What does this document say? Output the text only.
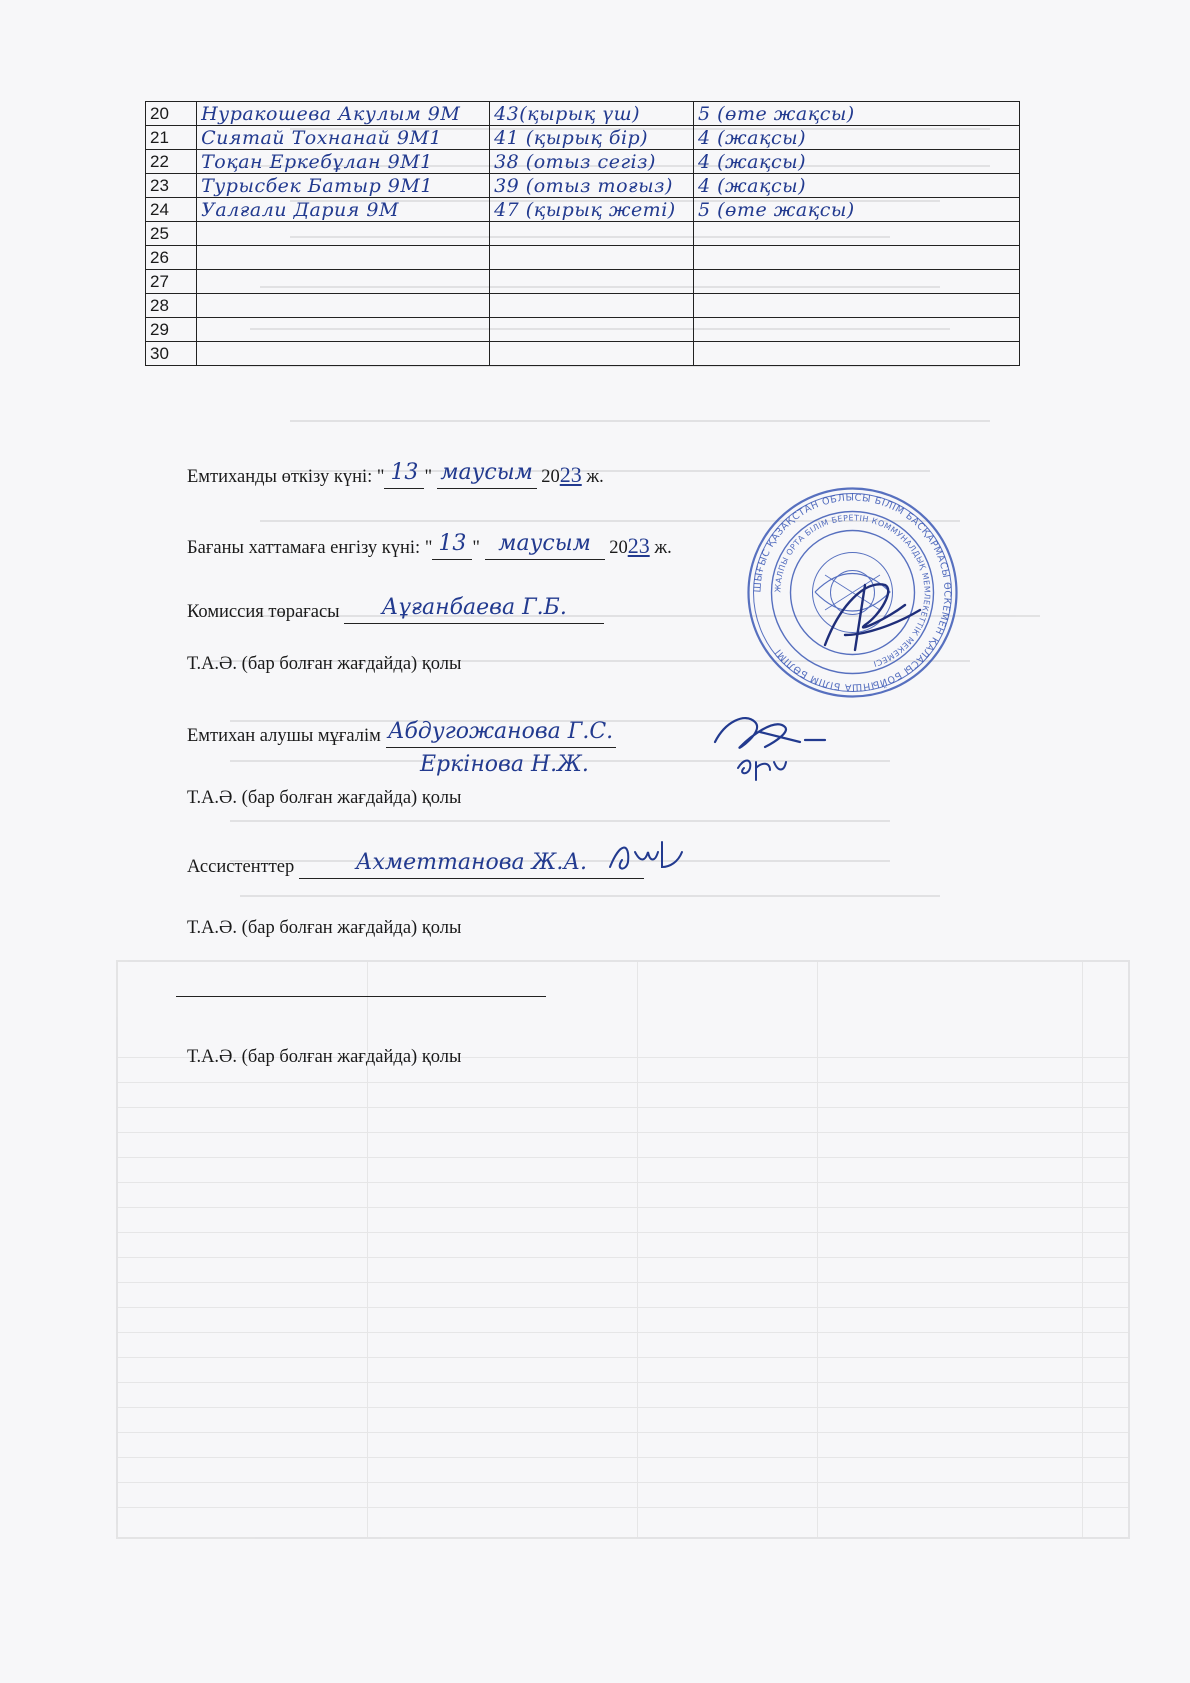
20	Нуракошева Акулым 9М	43(қырық үш)	5 (өте жақсы)
21	Сиятай Тохнанай 9М1	41 (қырық бір)	4 (жақсы)
22	Тоқан Еркебұлан 9М1	38 (отыз сегіз)	4 (жақсы)
23	Турысбек Батыр 9М1	39 (отыз тоғыз)	4 (жақсы)
24	Уалғали Дария 9М	47 (қырық жеті)	5 (өте жақсы)
25			
26			
27			
28			
29			
30			
Емтиханды өткізу күні: " 13 " маусым 2023 ж.
Бағаны хаттамаға енгізу күні: " 13 " маусым 2023 ж.
Комиссия төрағасы Аұғанбаева Г.Б.
Т.А.Ә. (бар болған жағдайда) қолы
Емтихан алушы мұғалім Абдугожанова Г.С.
Еркінова Н.Ж.
Т.А.Ә. (бар болған жағдайда) қолы
Ассистенттер	Ахметтанова Ж.А.
Т.А.Ә. (бар болған жағдайда) қолы
Т.А.Ә. (бар болған жағдайда) қолы
ШЫҒЫС ҚАЗАҚСТАН ОБЛЫСЫ БІЛІМ БАСҚАРМАСЫ ӨСКЕМЕН ҚАЛАСЫ БОЙЫНША БІЛІМ БӨЛІМІ
ЖАЛПЫ ОРТА БІЛІМ БЕРЕТІН КОММУНАЛДЫҚ МЕМЛЕКЕТТІК МЕКЕМЕСІ
